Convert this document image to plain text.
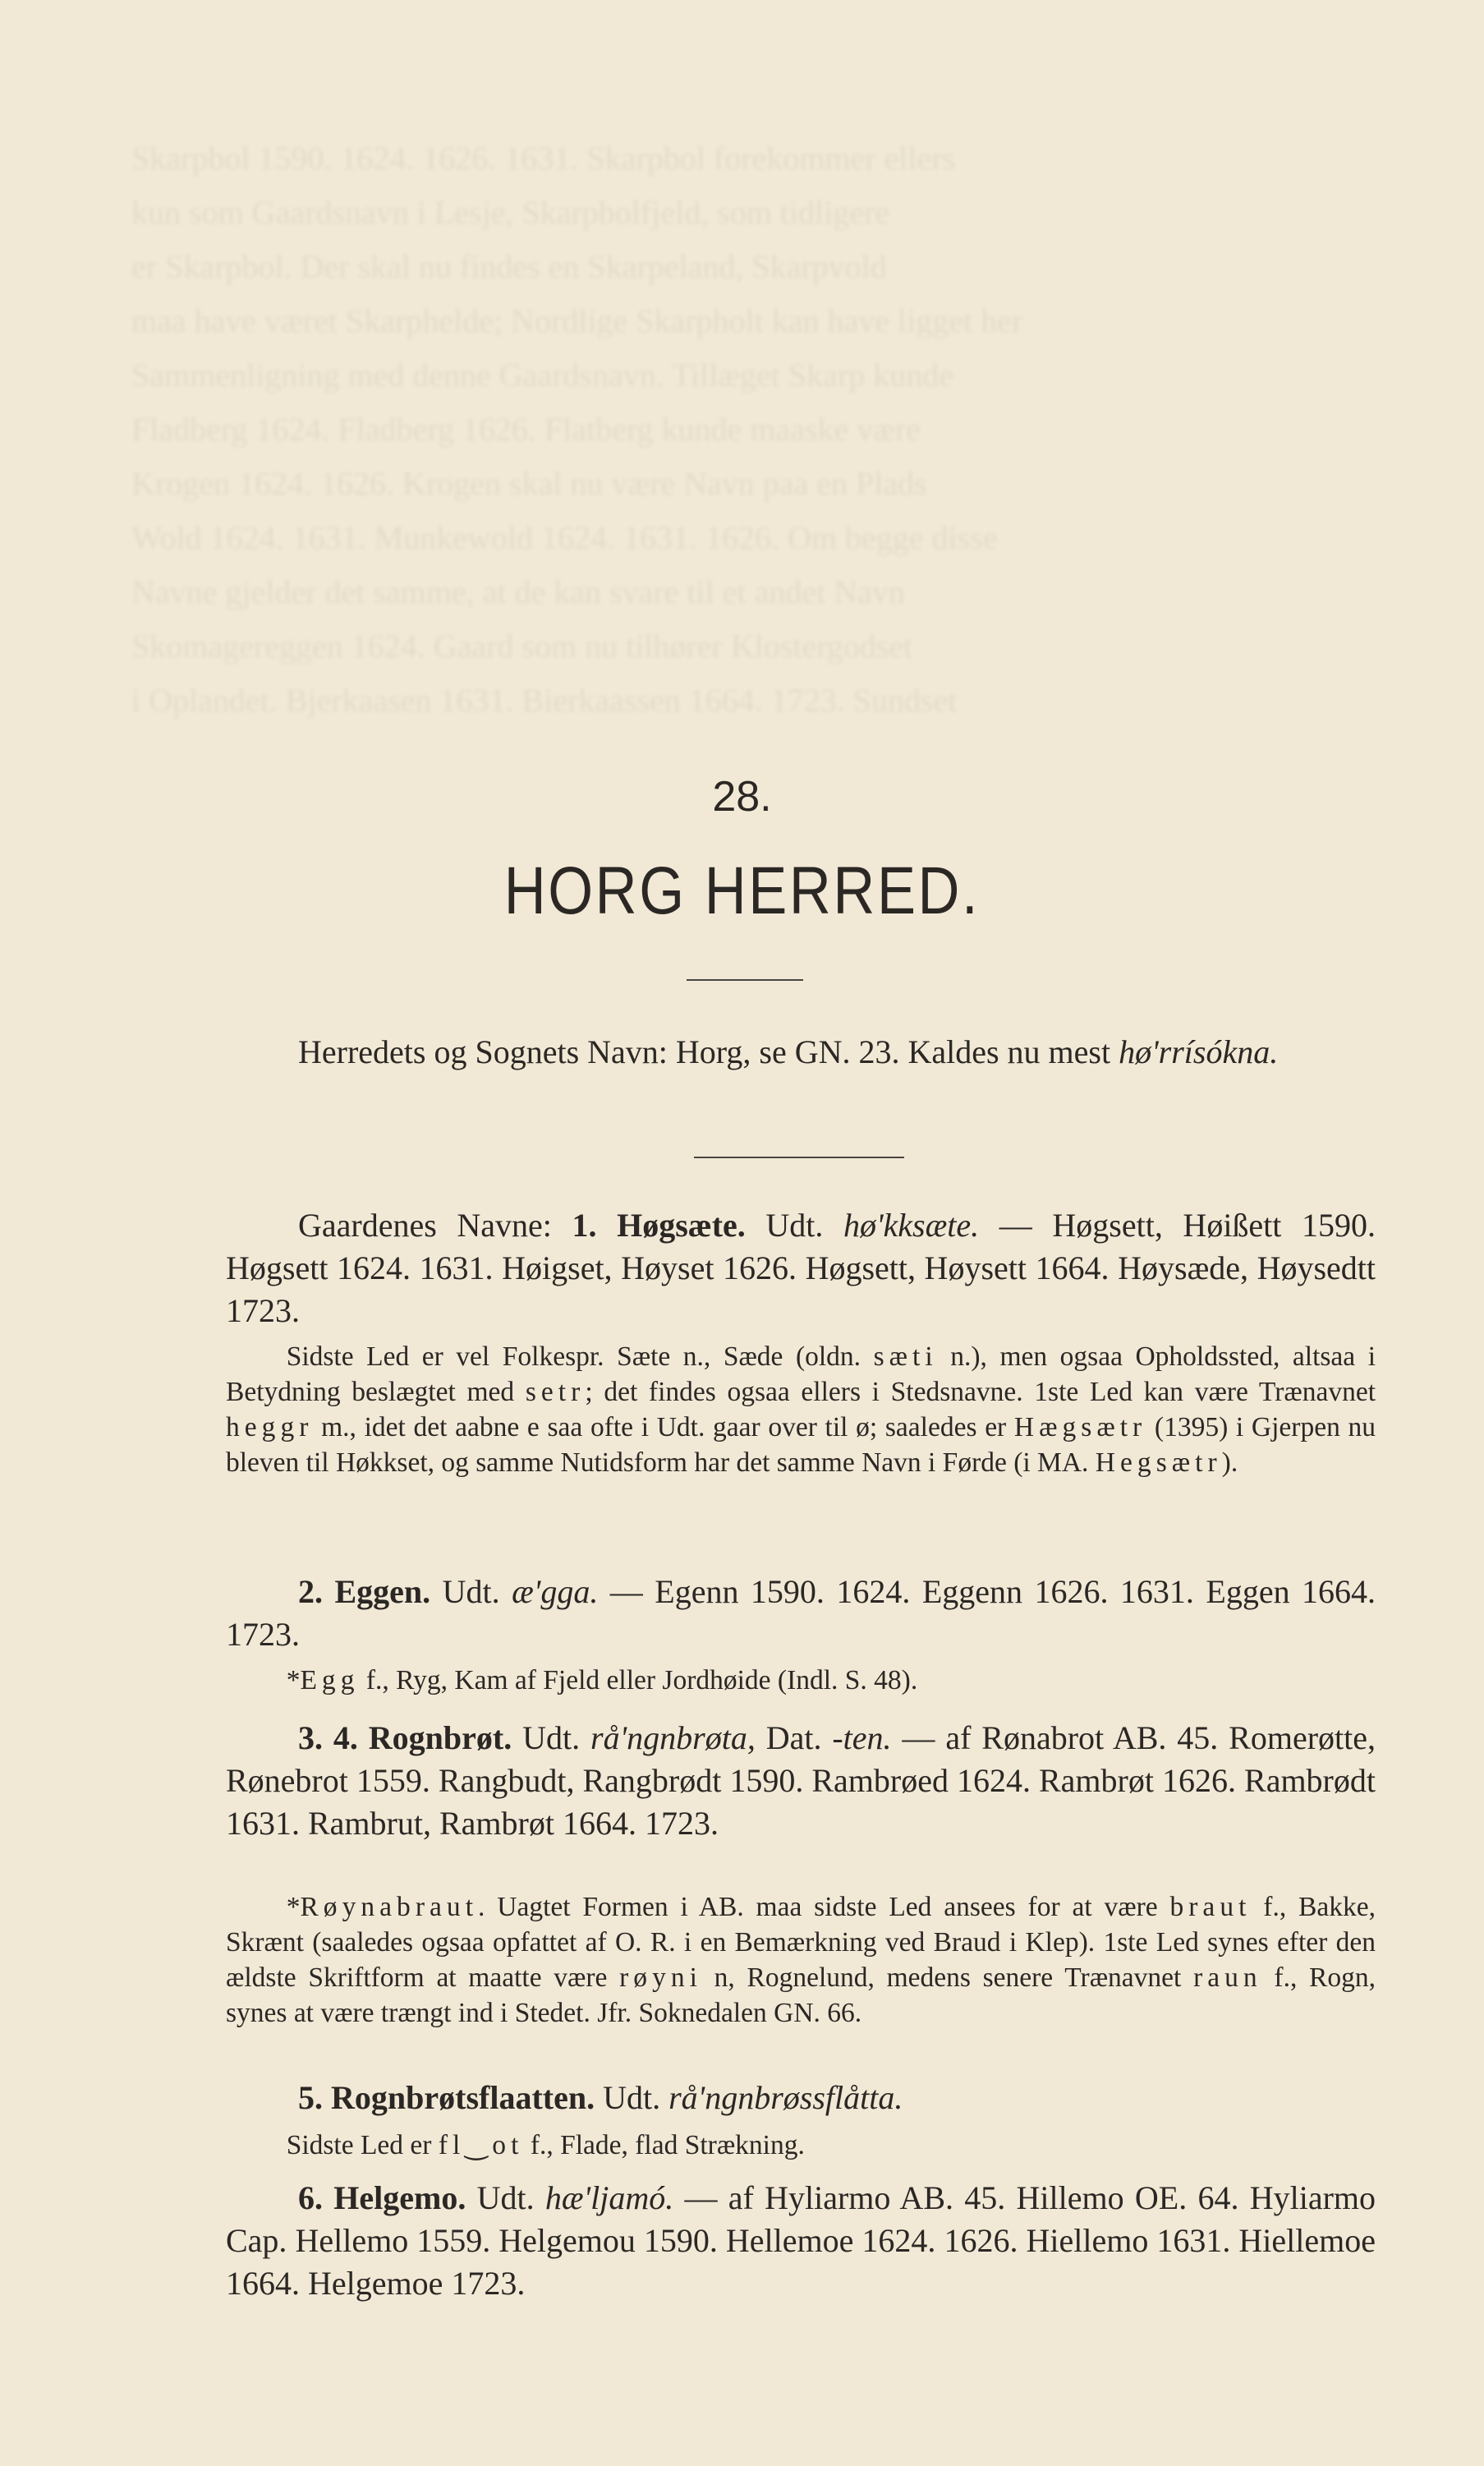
Skarpbol 1590. 1624. 1626. 1631. Skarpbol forekommer ellers
kun som Gaardsnavn i Lesje, Skarpbolfjeld, som tidligere
er Skarpbol. Der skal nu findes en Skarpeland, Skarpvold
maa have været Skarphelde; Nordlige Skarpholt kan have ligget her
Sammenligning med denne Gaardsnavn. Tillæget Skarp kunde
Fladberg 1624. Fladberg 1626. Flatberg kunde maaske være
Krogen 1624. 1626. Krogen skal nu være Navn paa en Plads
Wold 1624. 1631. Munkewold 1624. 1631. 1626. Om begge disse
Navne gjelder det samme, at de kan svare til et andet Navn
Skomagereggen 1624. Gaard som nu tilhører Klostergodset
i Oplandet. Bjerkaasen 1631. Bierkaassen 1664. 1723. Sundset
28.
HORG HERRED.
Herredets og Sognets Navn: Horg, se GN. 23. Kaldes nu mest hø'rrísókna.
Gaardenes Navne: 1. Høgsæte. Udt. hø'kksæte. — Høgsett, Høißett 1590. Høgsett 1624. 1631. Høigset, Høyset 1626. Høgsett, Høysett 1664. Høysæde, Høysedtt 1723.
Sidste Led er vel Folkespr. Sæte n., Sæde (oldn. sæti n.), men ogsaa Opholdssted, altsaa i Betydning beslægtet med setr; det findes ogsaa ellers i Stedsnavne. 1ste Led kan være Trænavnet heggr m., idet det aabne e saa ofte i Udt. gaar over til ø; saaledes er Hægsætr (1395) i Gjerpen nu bleven til Høkkset, og samme Nutidsform har det samme Navn i Førde (i MA. Hegsætr).
2. Eggen. Udt. æ'gga. — Egenn 1590. 1624. Eggenn 1626. 1631. Eggen 1664. 1723.
*Egg f., Ryg, Kam af Fjeld eller Jordhøide (Indl. S. 48).
3. 4. Rognbrøt. Udt. rå'ngnbrøta, Dat. -ten. — af Rønabrot AB. 45. Romerøtte, Rønebrot 1559. Rangbudt, Rangbrødt 1590. Rambrøed 1624. Rambrøt 1626. Rambrødt 1631. Rambrut, Rambrøt 1664. 1723.
*Røynabraut. Uagtet Formen i AB. maa sidste Led ansees for at være braut f., Bakke, Skrænt (saaledes ogsaa opfattet af O. R. i en Bemærkning ved Braud i Klep). 1ste Led synes efter den ældste Skriftform at maatte være røyni n, Rognelund, medens senere Trænavnet raun f., Rogn, synes at være trængt ind i Stedet. Jfr. Soknedalen GN. 66.
5. Rognbrøtsflaatten. Udt. rå'ngnbrøssflåtta.
Sidste Led er fl‿ot f., Flade, flad Strækning.
6. Helgemo. Udt. hæ'ljamó. — af Hyliarmo AB. 45. Hillemo OE. 64. Hyliarmo Cap. Hellemo 1559. Helgemou 1590. Hellemoe 1624. 1626. Hiellemo 1631. Hiellemoe 1664. Helgemoe 1723.
